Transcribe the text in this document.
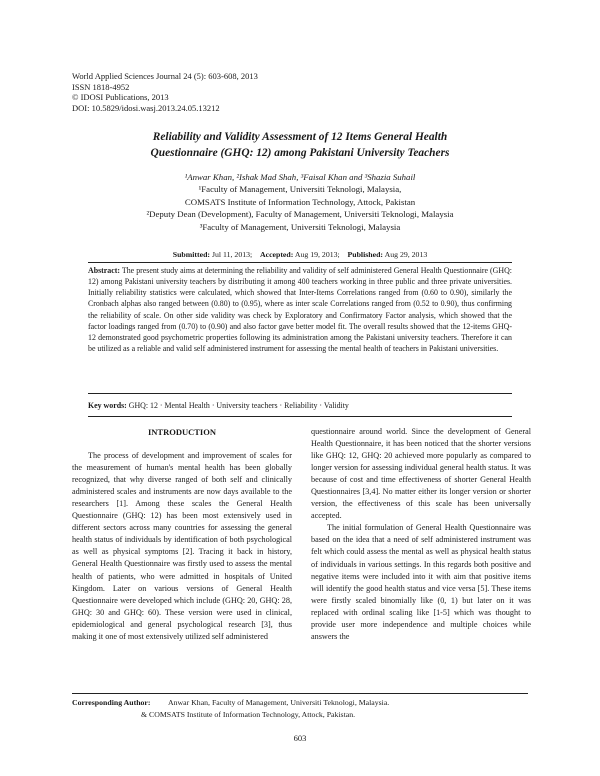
World Applied Sciences Journal 24 (5): 603-608, 2013
ISSN 1818-4952
© IDOSI Publications, 2013
DOI: 10.5829/idosi.wasj.2013.24.05.13212
Reliability and Validity Assessment of 12 Items General Health
Questionnaire (GHQ: 12) among Pakistani University Teachers
¹Anwar Khan, ²Ishak Mad Shah, ³Faisal Khan and ³Shazia Suhail
¹Faculty of Management, Universiti Teknologi, Malaysia,
COMSATS Institute of Information Technology, Attock, Pakistan
²Deputy Dean (Development), Faculty of Management, Universiti Teknologi, Malaysia
³Faculty of Management, Universiti Teknologi, Malaysia
Submitted: Jul 11, 2013; Accepted: Aug 19, 2013; Published: Aug 29, 2013
Abstract: The present study aims at determining the reliability and validity of self administered General Health Questionnaire (GHQ: 12) among Pakistani university teachers by distributing it among 400 teachers working in three public and three private universities. Initially reliability statistics were calculated, which showed that Inter-Items Correlations ranged from (0.60 to 0.90), similarly the Cronbach alphas also ranged between (0.80) to (0.95), where as inter scale Correlations ranged from (0.52 to 0.90), thus confirming the reliability of scale. On other side validity was check by Exploratory and Confirmatory Factor analysis, which showed that the factor loadings ranged from (0.70) to (0.90) and also factor gave better model fit. The overall results showed that the 12-items GHQ-12 demonstrated good psychometric properties following its administration among the Pakistani university teachers. Therefore it can be utilized as a reliable and valid self administered instrument for assessing the mental health of teachers in Pakistani universities.
Key words: GHQ: 12 · Mental Health · University teachers · Reliability · Validity
INTRODUCTION

The process of development and improvement of scales for the measurement of human's mental health has been globally recognized, that why diverse ranged of both self and clinically administered scales and instruments are now days available to the researchers [1]. Among these scales the General Health Questionnaire (GHQ: 12) has been most extensively used in different sectors across many countries for assessing the general health status of individuals by identification of both psychological as well as physical symptoms [2]. Tracing it back in history, General Health Questionnaire was firstly used to assess the mental health of patients, who were admitted in hospitals of United Kingdom. Later on various versions of General Health Questionnaire were developed which include (GHQ: 20, GHQ: 28, GHQ: 30 and GHQ: 60). These version were used in clinical, epidemiological and general psychological research [3], thus making it one of most extensively utilized self administered

questionnaire around world. Since the development of General Health Questionnaire, it has been noticed that the shorter versions like GHQ: 12, GHQ: 20 achieved more popularly as compared to longer version for assessing individual general health status. It was because of cost and time effectiveness of shorter General Health Questionnaires [3,4]. No matter either its longer version or shorter version, the effectiveness of this scale has been universally accepted.

The initial formulation of General Health Questionnaire was based on the idea that a need of self administered instrument was felt which could assess the mental as well as physical health status of individuals in various settings. In this regards both positive and negative items were included into it with aim that positive items will identify the good health status and vice versa [5]. These items were firstly scaled binomially like (0, 1) but later on it was replaced with ordinal scaling like [1-5] which was thought to provide user more independence and multiple choices while answers the

Corresponding Author: Anwar Khan, Faculty of Management, Universiti Teknologi, Malaysia.
& COMSATS Institute of Information Technology, Attock, Pakistan.
603
